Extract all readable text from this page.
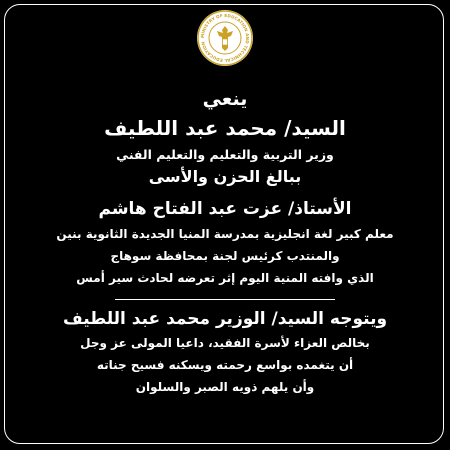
MINISTRY OF EDUCATION AND TECHNICAL EDUCATION
ينعي
السيد/ محمد عبد اللطيف
وزير التربية والتعليم والتعليم الفني
ببالغ الحزن والأسى
الأستاذ/ عزت عبد الفتاح هاشم
معلم كبير لغة انجليزية بمدرسة المنيا الجديدة الثانوية بنين
والمنتدب كرئيس لجنة بمحافظة سوهاج
الذي وافته المنية اليوم إثر تعرضه لحادث سير أمس
ويتوجه السيد/ الوزير محمد عبد اللطيف
بخالص العزاء لأسرة الفقيد، داعيا المولى عز وجل
أن يتغمده بواسع رحمته ويسكنه فسيح جناته
وأن يلهم ذويه الصبر والسلوان
